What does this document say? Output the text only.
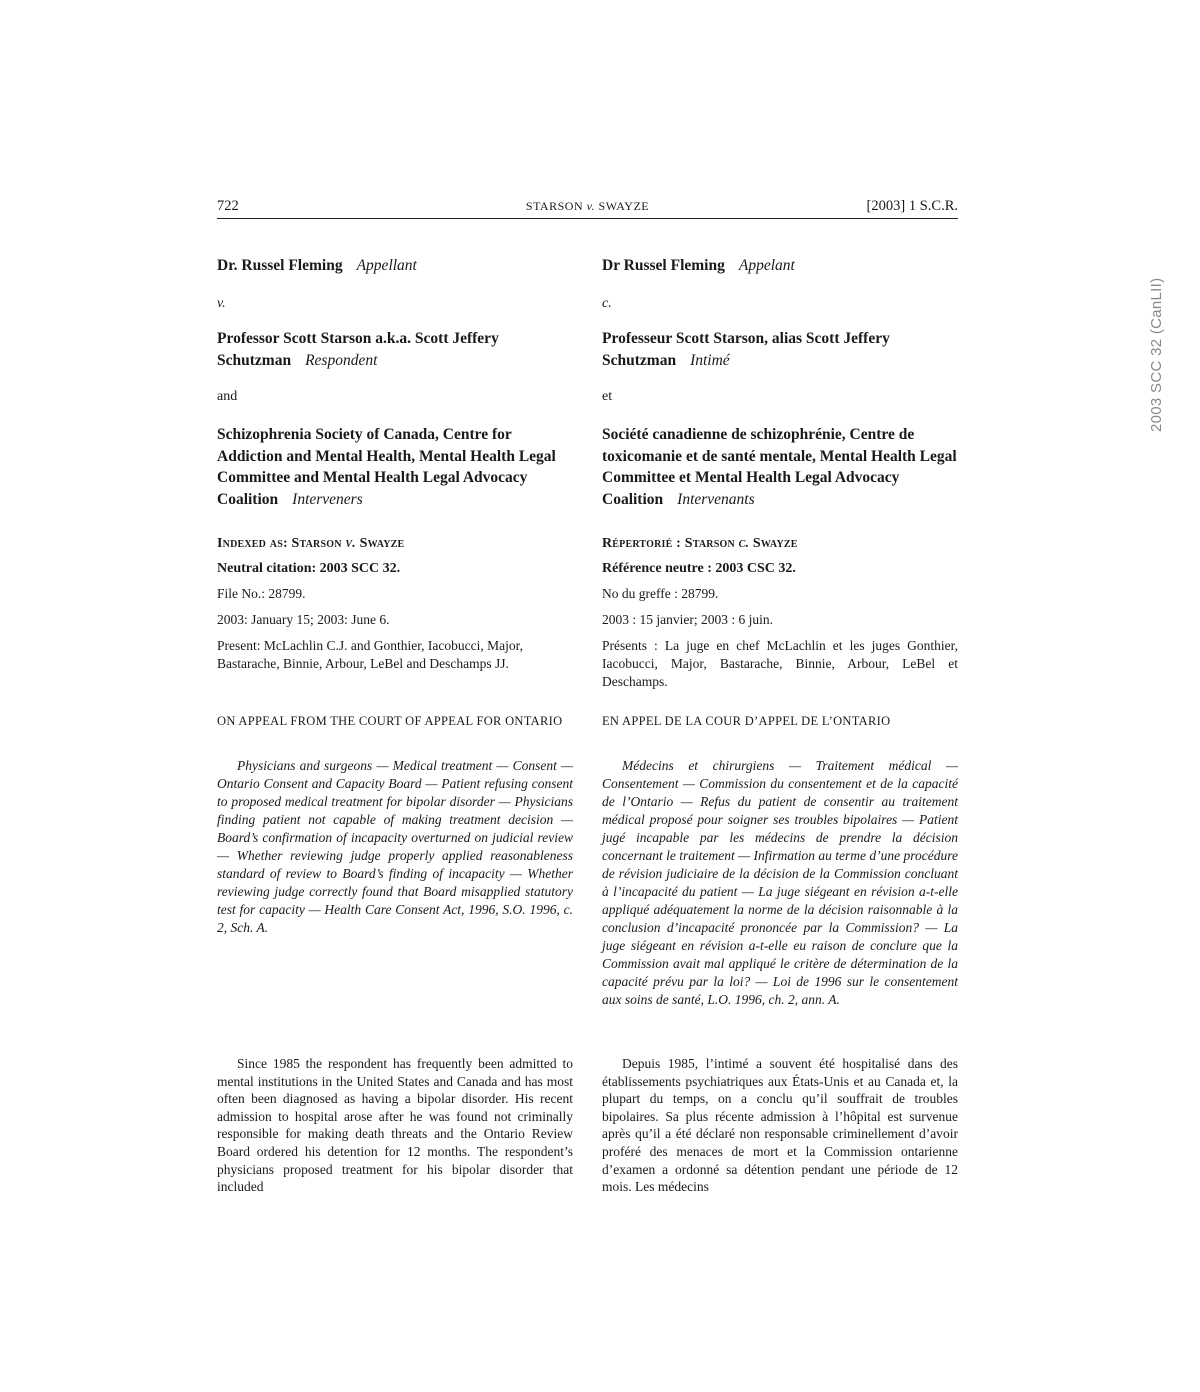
722	STARSON v. SWAYZE	[2003] 1 S.C.R.
2003 SCC 32 (CanLII)

Dr. Russel Fleming Appellant

v.

Professor Scott Starson a.k.a. Scott Jeffery Schutzman Respondent

and

Schizophrenia Society of Canada, Centre for Addiction and Mental Health, Mental Health Legal Committee and Mental Health Legal Advocacy Coalition Interveners

Indexed as: Starson v. Swayze

Neutral citation: 2003 SCC 32.

File No.: 28799.

2003: January 15; 2003: June 6.

Present: McLachlin C.J. and Gonthier, Iacobucci, Major, Bastarache, Binnie, Arbour, LeBel and Deschamps JJ.

ON APPEAL FROM THE COURT OF APPEAL FOR ONTARIO

Physicians and surgeons — Medical treatment — Consent — Ontario Consent and Capacity Board — Patient refusing consent to proposed medical treatment for bipolar disorder — Physicians finding patient not capable of making treatment decision — Board’s confirmation of incapacity overturned on judicial review — Whether reviewing judge properly applied reasonableness standard of review to Board’s finding of incapacity — Whether reviewing judge correctly found that Board misapplied statutory test for capacity — Health Care Consent Act, 1996, S.O. 1996, c. 2, Sch. A.

Since 1985 the respondent has frequently been admitted to mental institutions in the United States and Canada and has most often been diagnosed as having a bipolar disorder. His recent admission to hospital arose after he was found not criminally responsible for making death threats and the Ontario Review Board ordered his detention for 12 months. The respondent’s physicians proposed treatment for his bipolar disorder that included

Dr Russel Fleming Appelant

c.

Professeur Scott Starson, alias Scott Jeffery Schutzman Intimé

et

Société canadienne de schizophrénie, Centre de toxicomanie et de santé mentale, Mental Health Legal Committee et Mental Health Legal Advocacy Coalition Intervenants

Répertorié : Starson c. Swayze

Référence neutre : 2003 CSC 32.

No du greffe : 28799.

2003 : 15 janvier; 2003 : 6 juin.

Présents : La juge en chef McLachlin et les juges Gonthier, Iacobucci, Major, Bastarache, Binnie, Arbour, LeBel et Deschamps.

EN APPEL DE LA COUR D’APPEL DE L’ONTARIO

Médecins et chirurgiens — Traitement médical — Consentement — Commission du consentement et de la capacité de l’Ontario — Refus du patient de consentir au traitement médical proposé pour soigner ses troubles bipolaires — Patient jugé incapable par les médecins de prendre la décision concernant le traitement — Infirmation au terme d’une procédure de révision judiciaire de la décision de la Commission concluant à l’incapacité du patient — La juge siégeant en révision a-t-elle appliqué adéquatement la norme de la décision raisonnable à la conclusion d’incapacité prononcée par la Commission? — La juge siégeant en révision a-t-elle eu raison de conclure que la Commission avait mal appliqué le critère de détermination de la capacité prévu par la loi? — Loi de 1996 sur le consentement aux soins de santé, L.O. 1996, ch. 2, ann. A.

Depuis 1985, l’intimé a souvent été hospitalisé dans des établissements psychiatriques aux États-Unis et au Canada et, la plupart du temps, on a conclu qu’il souffrait de troubles bipolaires. Sa plus récente admission à l’hôpital est survenue après qu’il a été déclaré non responsable criminellement d’avoir proféré des menaces de mort et la Commission ontarienne d’examen a ordonné sa détention pendant une période de 12 mois. Les médecins
